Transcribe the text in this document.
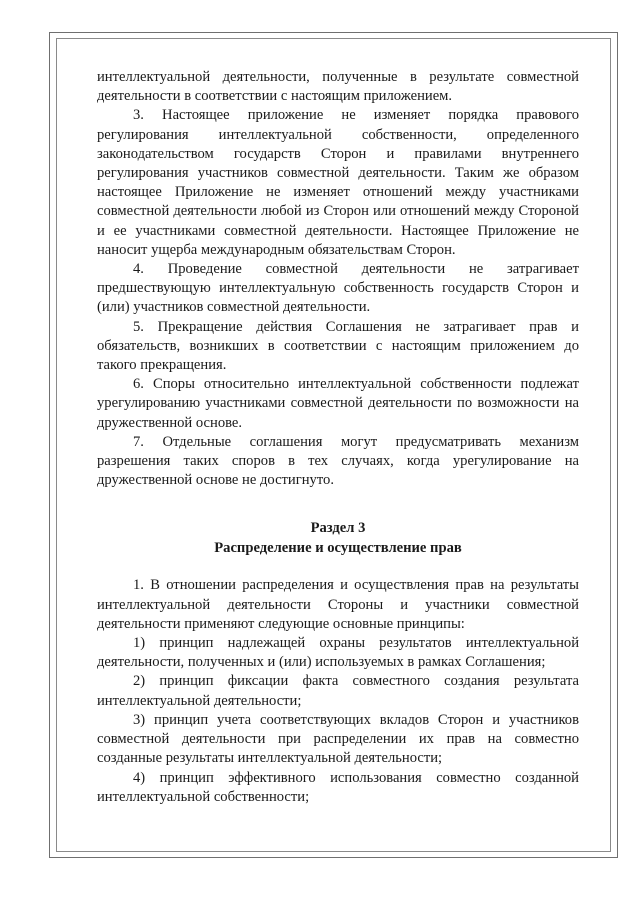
интеллектуальной деятельности, полученные в результате совместной деятельности в соответствии с настоящим приложением.

3. Настоящее приложение не изменяет порядка правового регулирования интеллектуальной собственности, определенного законодательством государств Сторон и правилами внутреннего регулирования участников совместной деятельности. Таким же образом настоящее Приложение не изменяет отношений между участниками совместной деятельности любой из Сторон или отношений между Стороной и ее участниками совместной деятельности. Настоящее Приложение не наносит ущерба международным обязательствам Сторон.

4. Проведение совместной деятельности не затрагивает предшествующую интеллектуальную собственность государств Сторон и (или) участников совместной деятельности.

5. Прекращение действия Соглашения не затрагивает прав и обязательств, возникших в соответствии с настоящим приложением до такого прекращения.

6. Споры относительно интеллектуальной собственности подлежат урегулированию участниками совместной деятельности по возможности на дружественной основе.

7. Отдельные соглашения могут предусматривать механизм разрешения таких споров в тех случаях, когда урегулирование на дружественной основе не достигнуто.

Раздел 3
Распределение и осуществление прав

1. В отношении распределения и осуществления прав на результаты интеллектуальной деятельности Стороны и участники совместной деятельности применяют следующие основные принципы:

1) принцип надлежащей охраны результатов интеллектуальной деятельности, полученных и (или) используемых в рамках Соглашения;

2) принцип фиксации факта совместного создания результата интеллектуальной деятельности;

3) принцип учета соответствующих вкладов Сторон и участников совместной деятельности при распределении их прав на совместно созданные результаты интеллектуальной деятельности;

4) принцип эффективного использования совместно созданной интеллектуальной собственности;
